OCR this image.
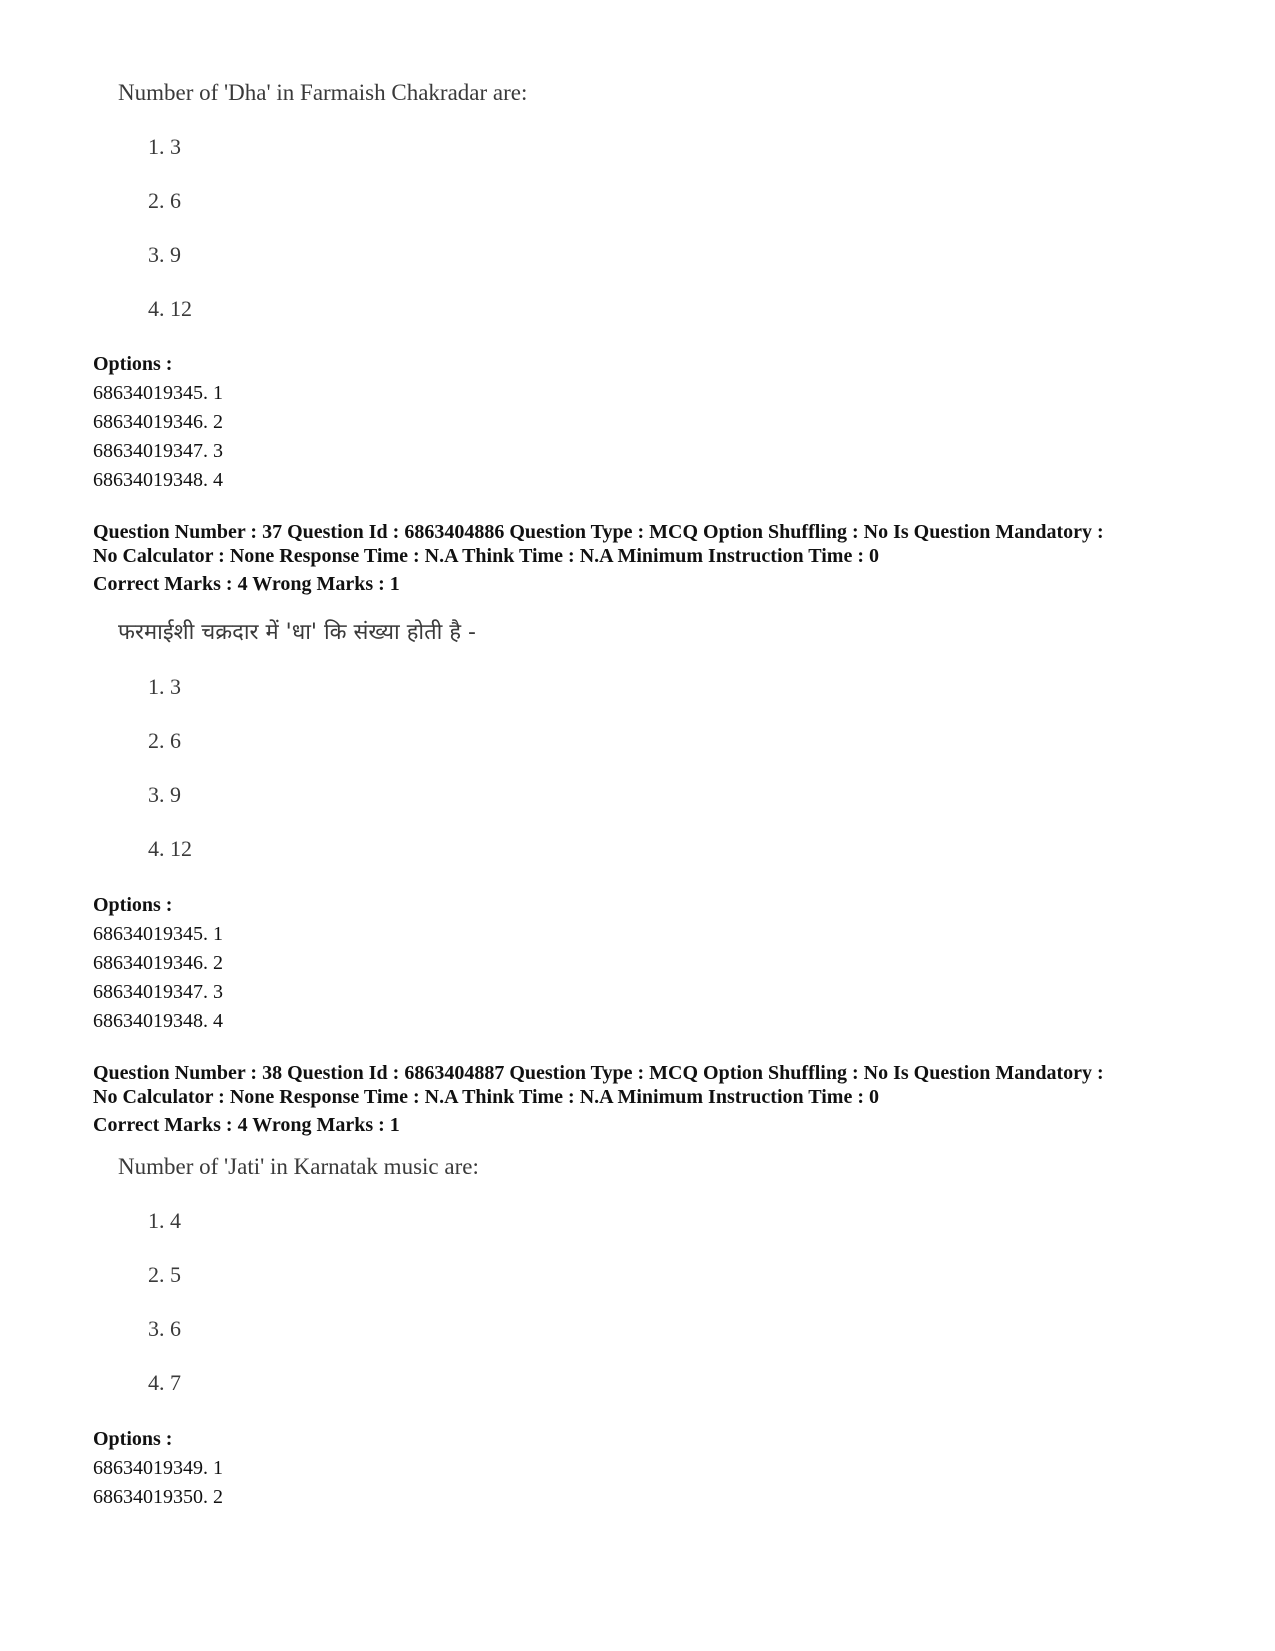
Number of 'Dha' in Farmaish Chakradar are:
1. 3
2. 6
3. 9
4. 12
Options :
68634019345. 1
68634019346. 2
68634019347. 3
68634019348. 4
Question Number : 37 Question Id : 6863404886 Question Type : MCQ Option Shuffling : No Is Question Mandatory :
No Calculator : None Response Time : N.A Think Time : N.A Minimum Instruction Time : 0
Correct Marks : 4 Wrong Marks : 1
फरमाईशी चक्रदार में 'धा' कि संख्या होती है -
1. 3
2. 6
3. 9
4. 12
Options :
68634019345. 1
68634019346. 2
68634019347. 3
68634019348. 4
Question Number : 38 Question Id : 6863404887 Question Type : MCQ Option Shuffling : No Is Question Mandatory :
No Calculator : None Response Time : N.A Think Time : N.A Minimum Instruction Time : 0
Correct Marks : 4 Wrong Marks : 1
Number of 'Jati' in Karnatak music are:
1. 4
2. 5
3. 6
4. 7
Options :
68634019349. 1
68634019350. 2
